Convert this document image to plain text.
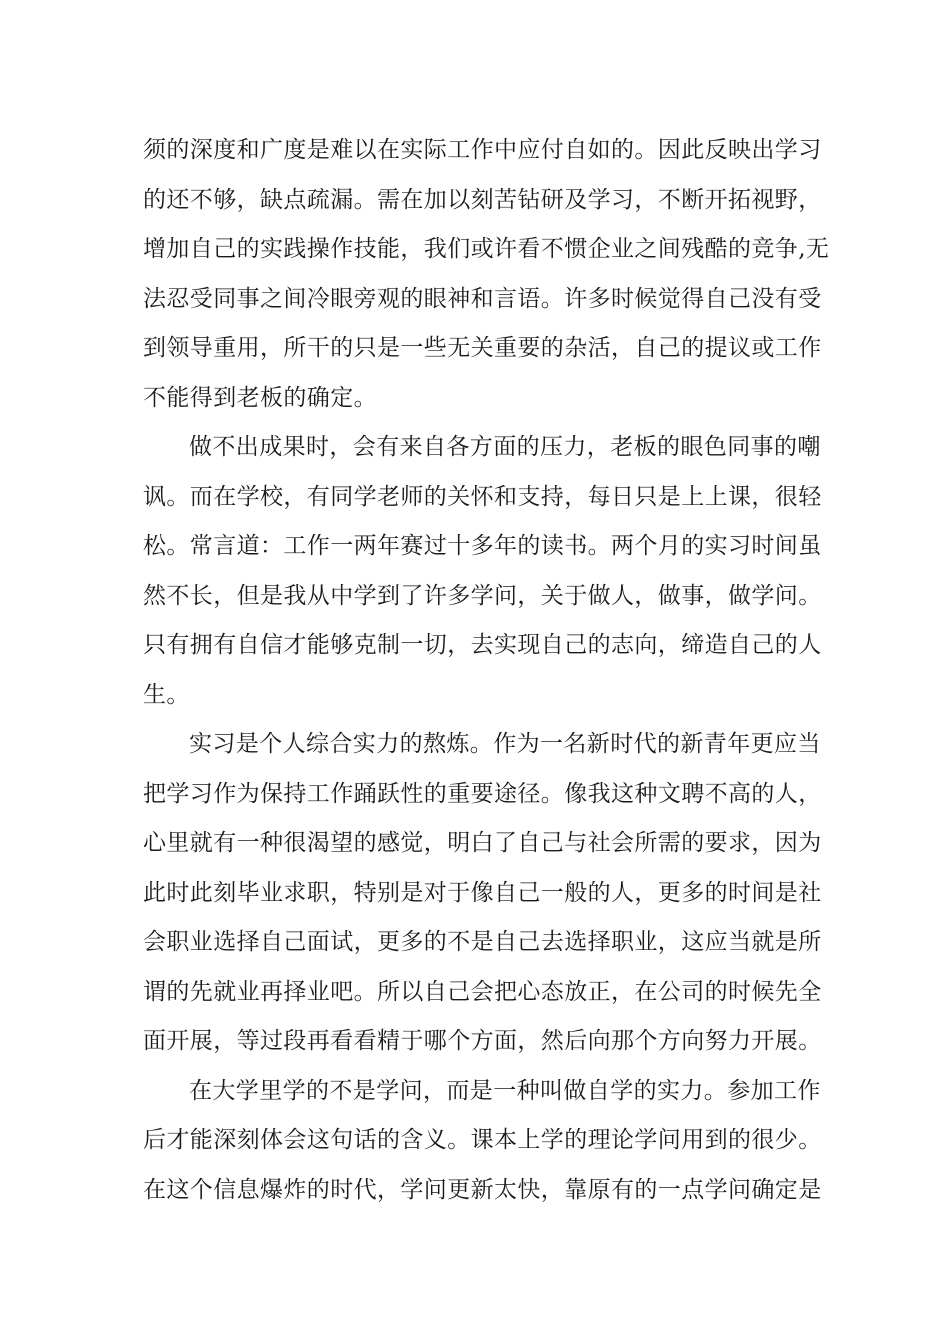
须的深度和广度是难以在实际工作中应付自如的。因此反映出学习
的还不够，缺点疏漏。需在加以刻苦钻研及学习，不断开拓视野，
增加自己的实践操作技能，我们或许看不惯企业之间残酷的竞争,无
法忍受同事之间冷眼旁观的眼神和言语。许多时候觉得自己没有受
到领导重用，所干的只是一些无关重要的杂活，自己的提议或工作
不能得到老板的确定。
做不出成果时，会有来自各方面的压力，老板的眼色同事的嘲
讽。而在学校，有同学老师的关怀和支持，每日只是上上课，很轻
松。常言道：工作一两年赛过十多年的读书。两个月的实习时间虽
然不长，但是我从中学到了许多学问，关于做人，做事，做学问。
只有拥有自信才能够克制一切，去实现自己的志向，缔造自己的人
生。
实习是个人综合实力的熬炼。作为一名新时代的新青年更应当
把学习作为保持工作踊跃性的重要途径。像我这种文聘不高的人，
心里就有一种很渴望的感觉，明白了自己与社会所需的要求，因为
此时此刻毕业求职，特别是对于像自己一般的人，更多的时间是社
会职业选择自己面试，更多的不是自己去选择职业，这应当就是所
谓的先就业再择业吧。所以自己会把心态放正，在公司的时候先全
面开展，等过段再看看精于哪个方面，然后向那个方向努力开展。
在大学里学的不是学问，而是一种叫做自学的实力。参加工作
后才能深刻体会这句话的含义。课本上学的理论学问用到的很少。
在这个信息爆炸的时代，学问更新太快，靠原有的一点学问确定是
